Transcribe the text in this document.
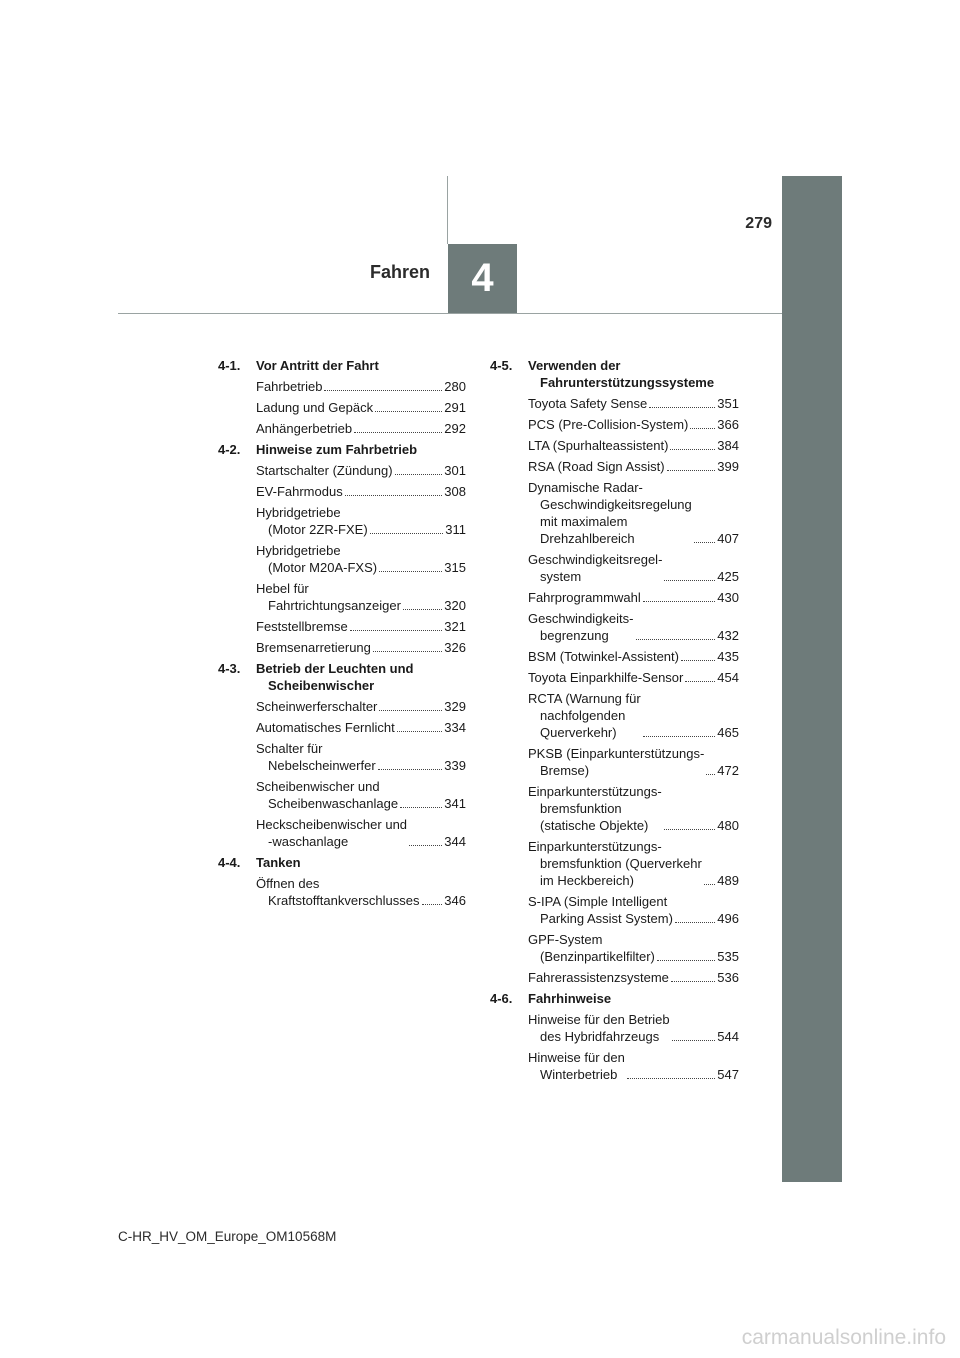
4
Fahren
279
4-1.	Vor Antritt der Fahrt
Fahrbetrieb	280
Ladung und Gepäck	291
Anhängerbetrieb	292
4-2.	Hinweise zum Fahrbetrieb
Startschalter (Zündung)	301
EV-Fahrmodus	308
Hybridgetriebe
(Motor 2ZR-FXE)	311
Hybridgetriebe
(Motor M20A-FXS)	315
Hebel für
Fahrtrichtungsanzeiger	320
Feststellbremse	321
Bremsenarretierung	326
4-3.	Betrieb der Leuchten und Scheibenwischer
Scheinwerferschalter	329
Automatisches Fernlicht	334
Schalter für
Nebelscheinwerfer	339
Scheibenwischer und
Scheibenwaschanlage	341
Heckscheibenwischer und
-waschanlage	344
4-4.	Tanken
Öffnen des
Kraftstofftankverschlusses 346
4-5.	Verwenden der Fahrunterstützungssysteme
Toyota Safety Sense	351
PCS (Pre-Collision-System) 366
LTA (Spurhalteassistent)	384
RSA (Road Sign Assist)	399
Dynamische Radar-
Geschwindigkeitsregelung
mit maximalem
Drehzahlbereich	407
Geschwindigkeitsregel-
system	425
Fahrprogrammwahl	430
Geschwindigkeits-
begrenzung	432
BSM (Totwinkel-Assistent)	435
Toyota Einparkhilfe-Sensor	454
RCTA (Warnung für
nachfolgenden
Querverkehr)	465
PKSB (Einparkunterstützungs-
Bremse)	472
Einparkunterstützungs-
bremsfunktion
(statische Objekte)	480
Einparkunterstützungs-
bremsfunktion (Querverkehr
im Heckbereich)	489
S-IPA (Simple Intelligent
Parking Assist System)	496
GPF-System
(Benzinpartikelfilter)	535
Fahrerassistenzsysteme	536
4-6.	Fahrhinweise
Hinweise für den Betrieb
des Hybridfahrzeugs	544
Hinweise für den
Winterbetrieb	547
C-HR_HV_OM_Europe_OM10568M
carmanualsonline.info
